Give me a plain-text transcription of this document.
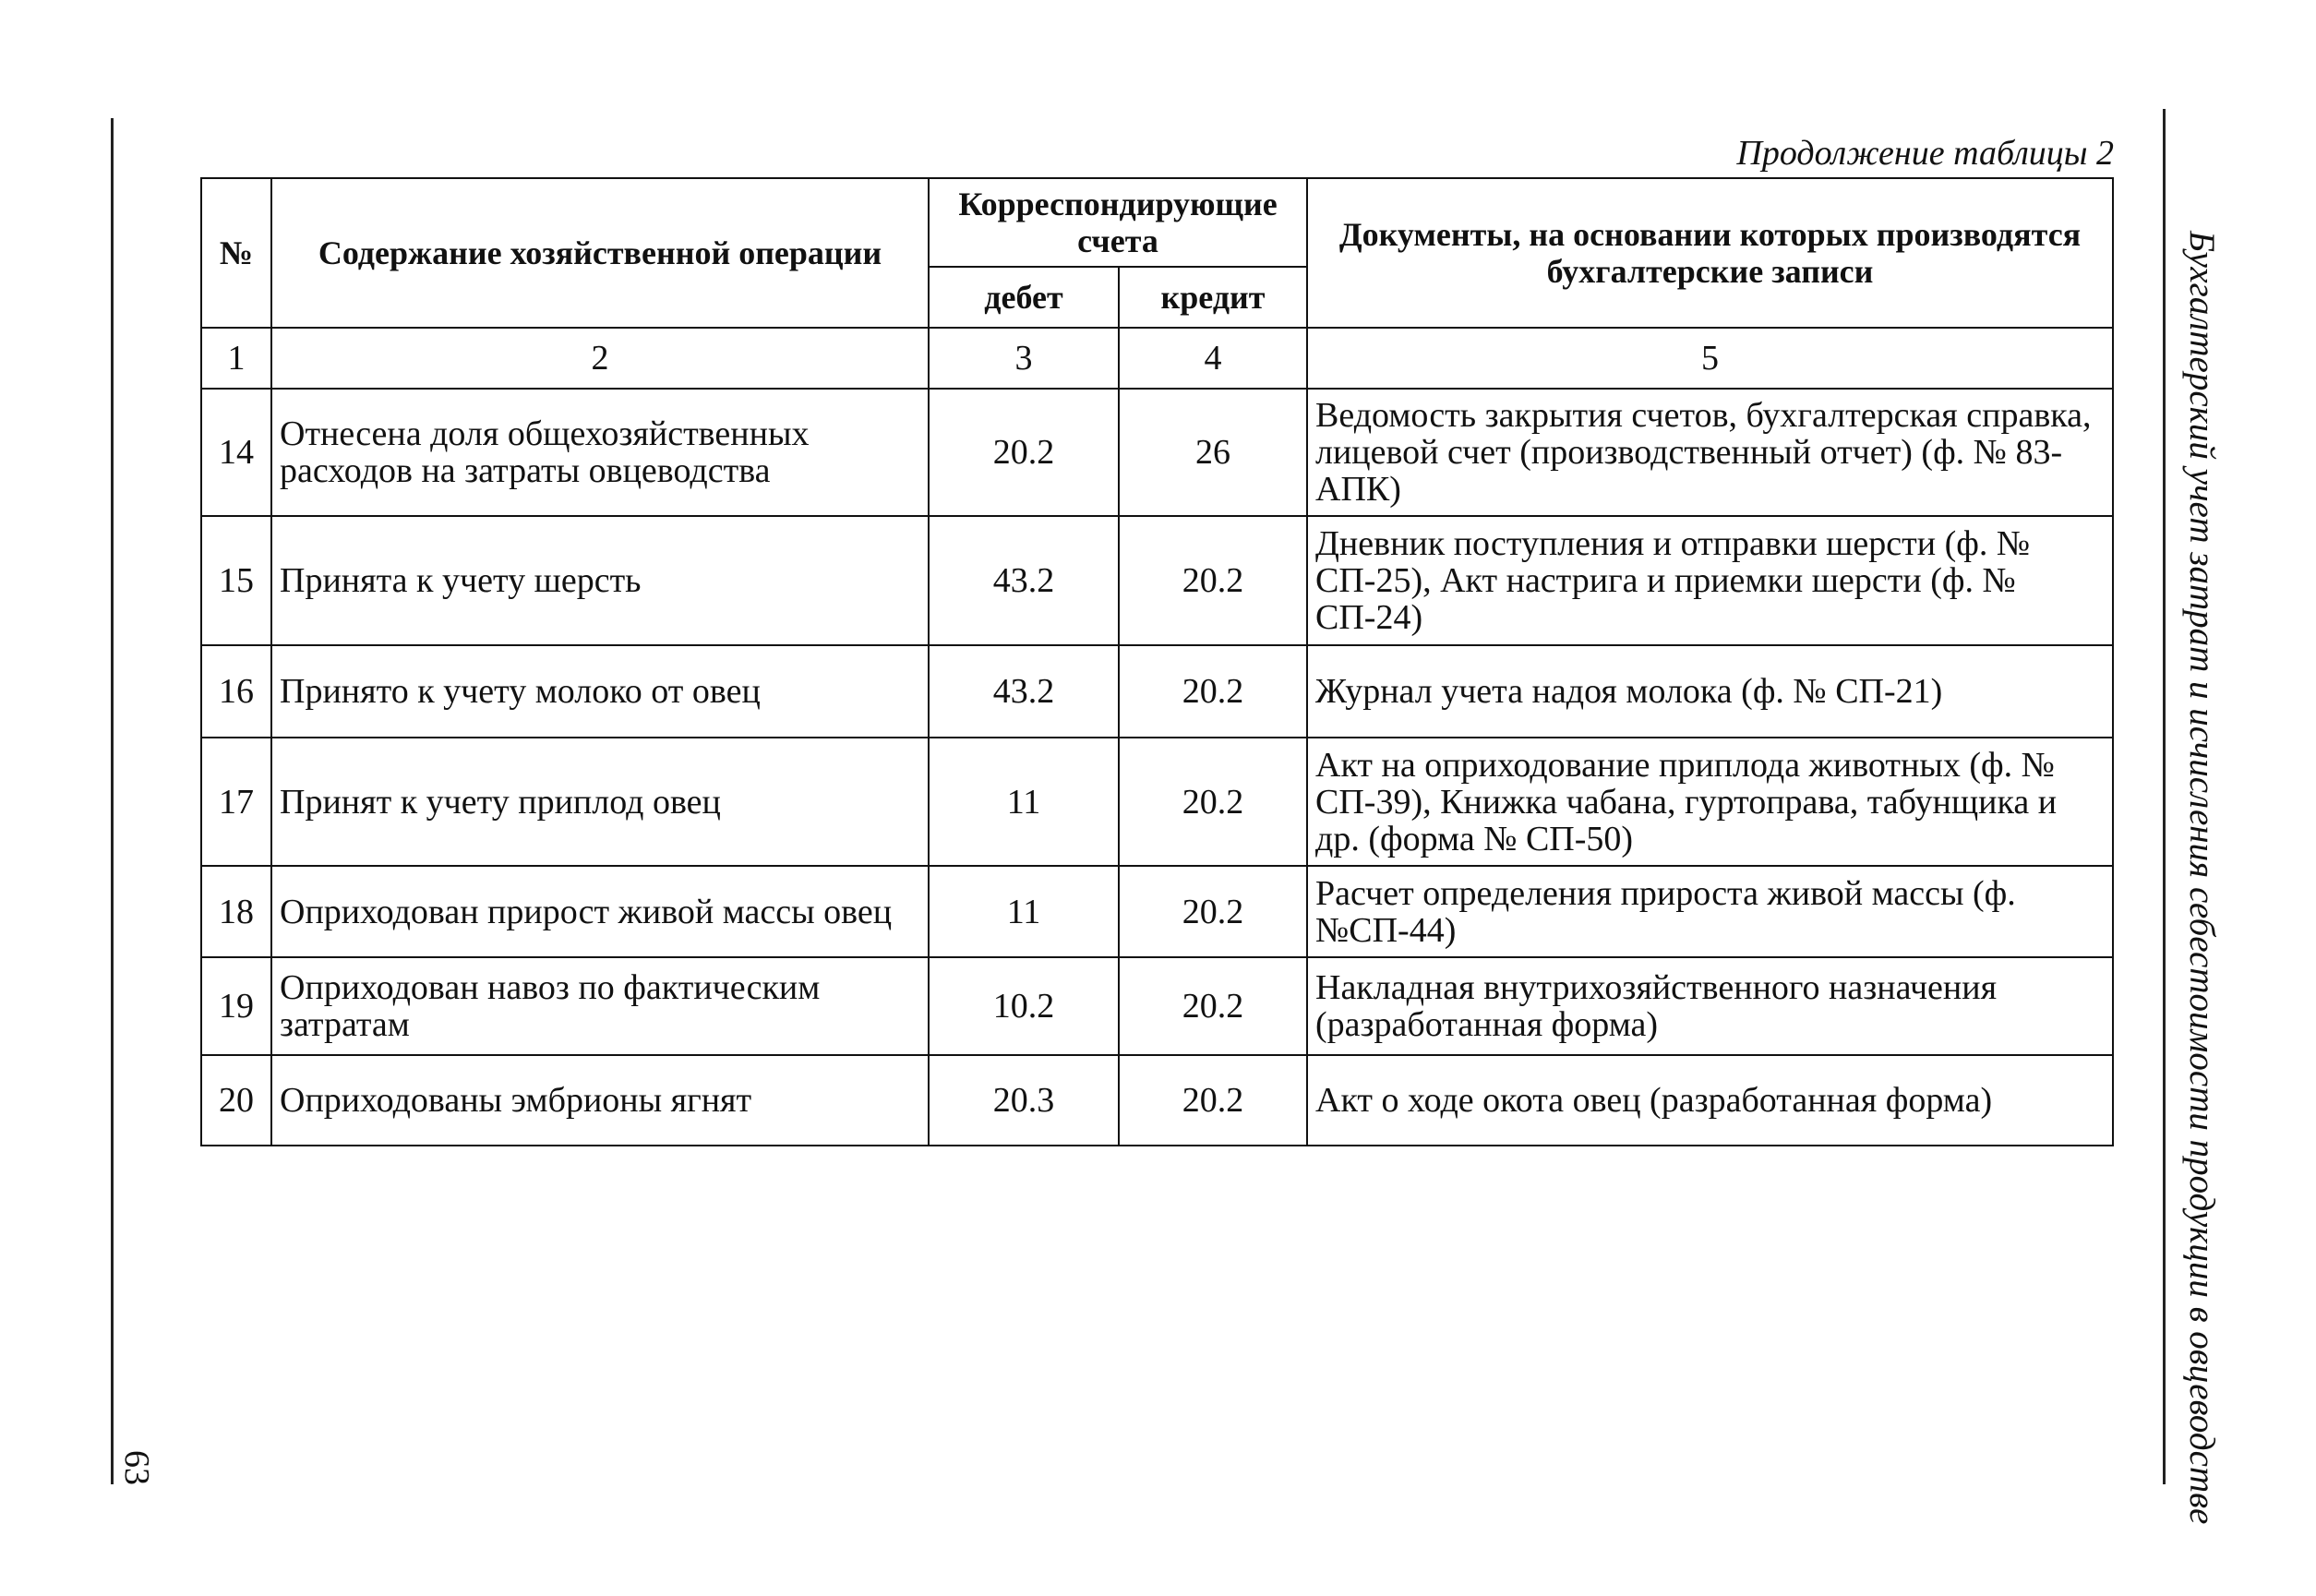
63	Бухгалтерский учет затрат и исчисления себестоимости продукции в овцеводстве
Продолжение таблицы 2
№	Содержание хозяйственной операции	Корреспондирующие счета		Документы, на основании которых производятся бухгалтерские записи
		дебет	кредит	
1	2	3	4	5
14	Отнесена доля общехозяйственных расходов на затраты овцеводства	20.2	26	Ведомость закрытия счетов, бухгалтерская справка, лицевой счет (производственный отчет) (ф. № 83-АПК)
15	Принята к учету шерсть	43.2	20.2	Дневник поступления и отправки шерсти (ф. № СП-25), Акт настрига и приемки шерсти (ф. № СП-24)
16	Принято к учету молоко от овец	43.2	20.2	Журнал учета надоя молока (ф. № СП-21)
17	Принят к учету приплод овец	11	20.2	Акт на оприходование приплода животных (ф. № СП-39), Книжка чабана, гуртоправа, табунщика и др. (форма № СП-50)
18	Оприходован прирост живой массы овец	11	20.2	Расчет определения прироста живой массы (ф. №СП-44)
19	Оприходован навоз по фактическим затратам	10.2	20.2	Накладная внутрихозяйственного назначения (разработанная форма)
20	Оприходованы эмбрионы ягнят	20.3	20.2	Акт о ходе окота овец (разработанная форма)
